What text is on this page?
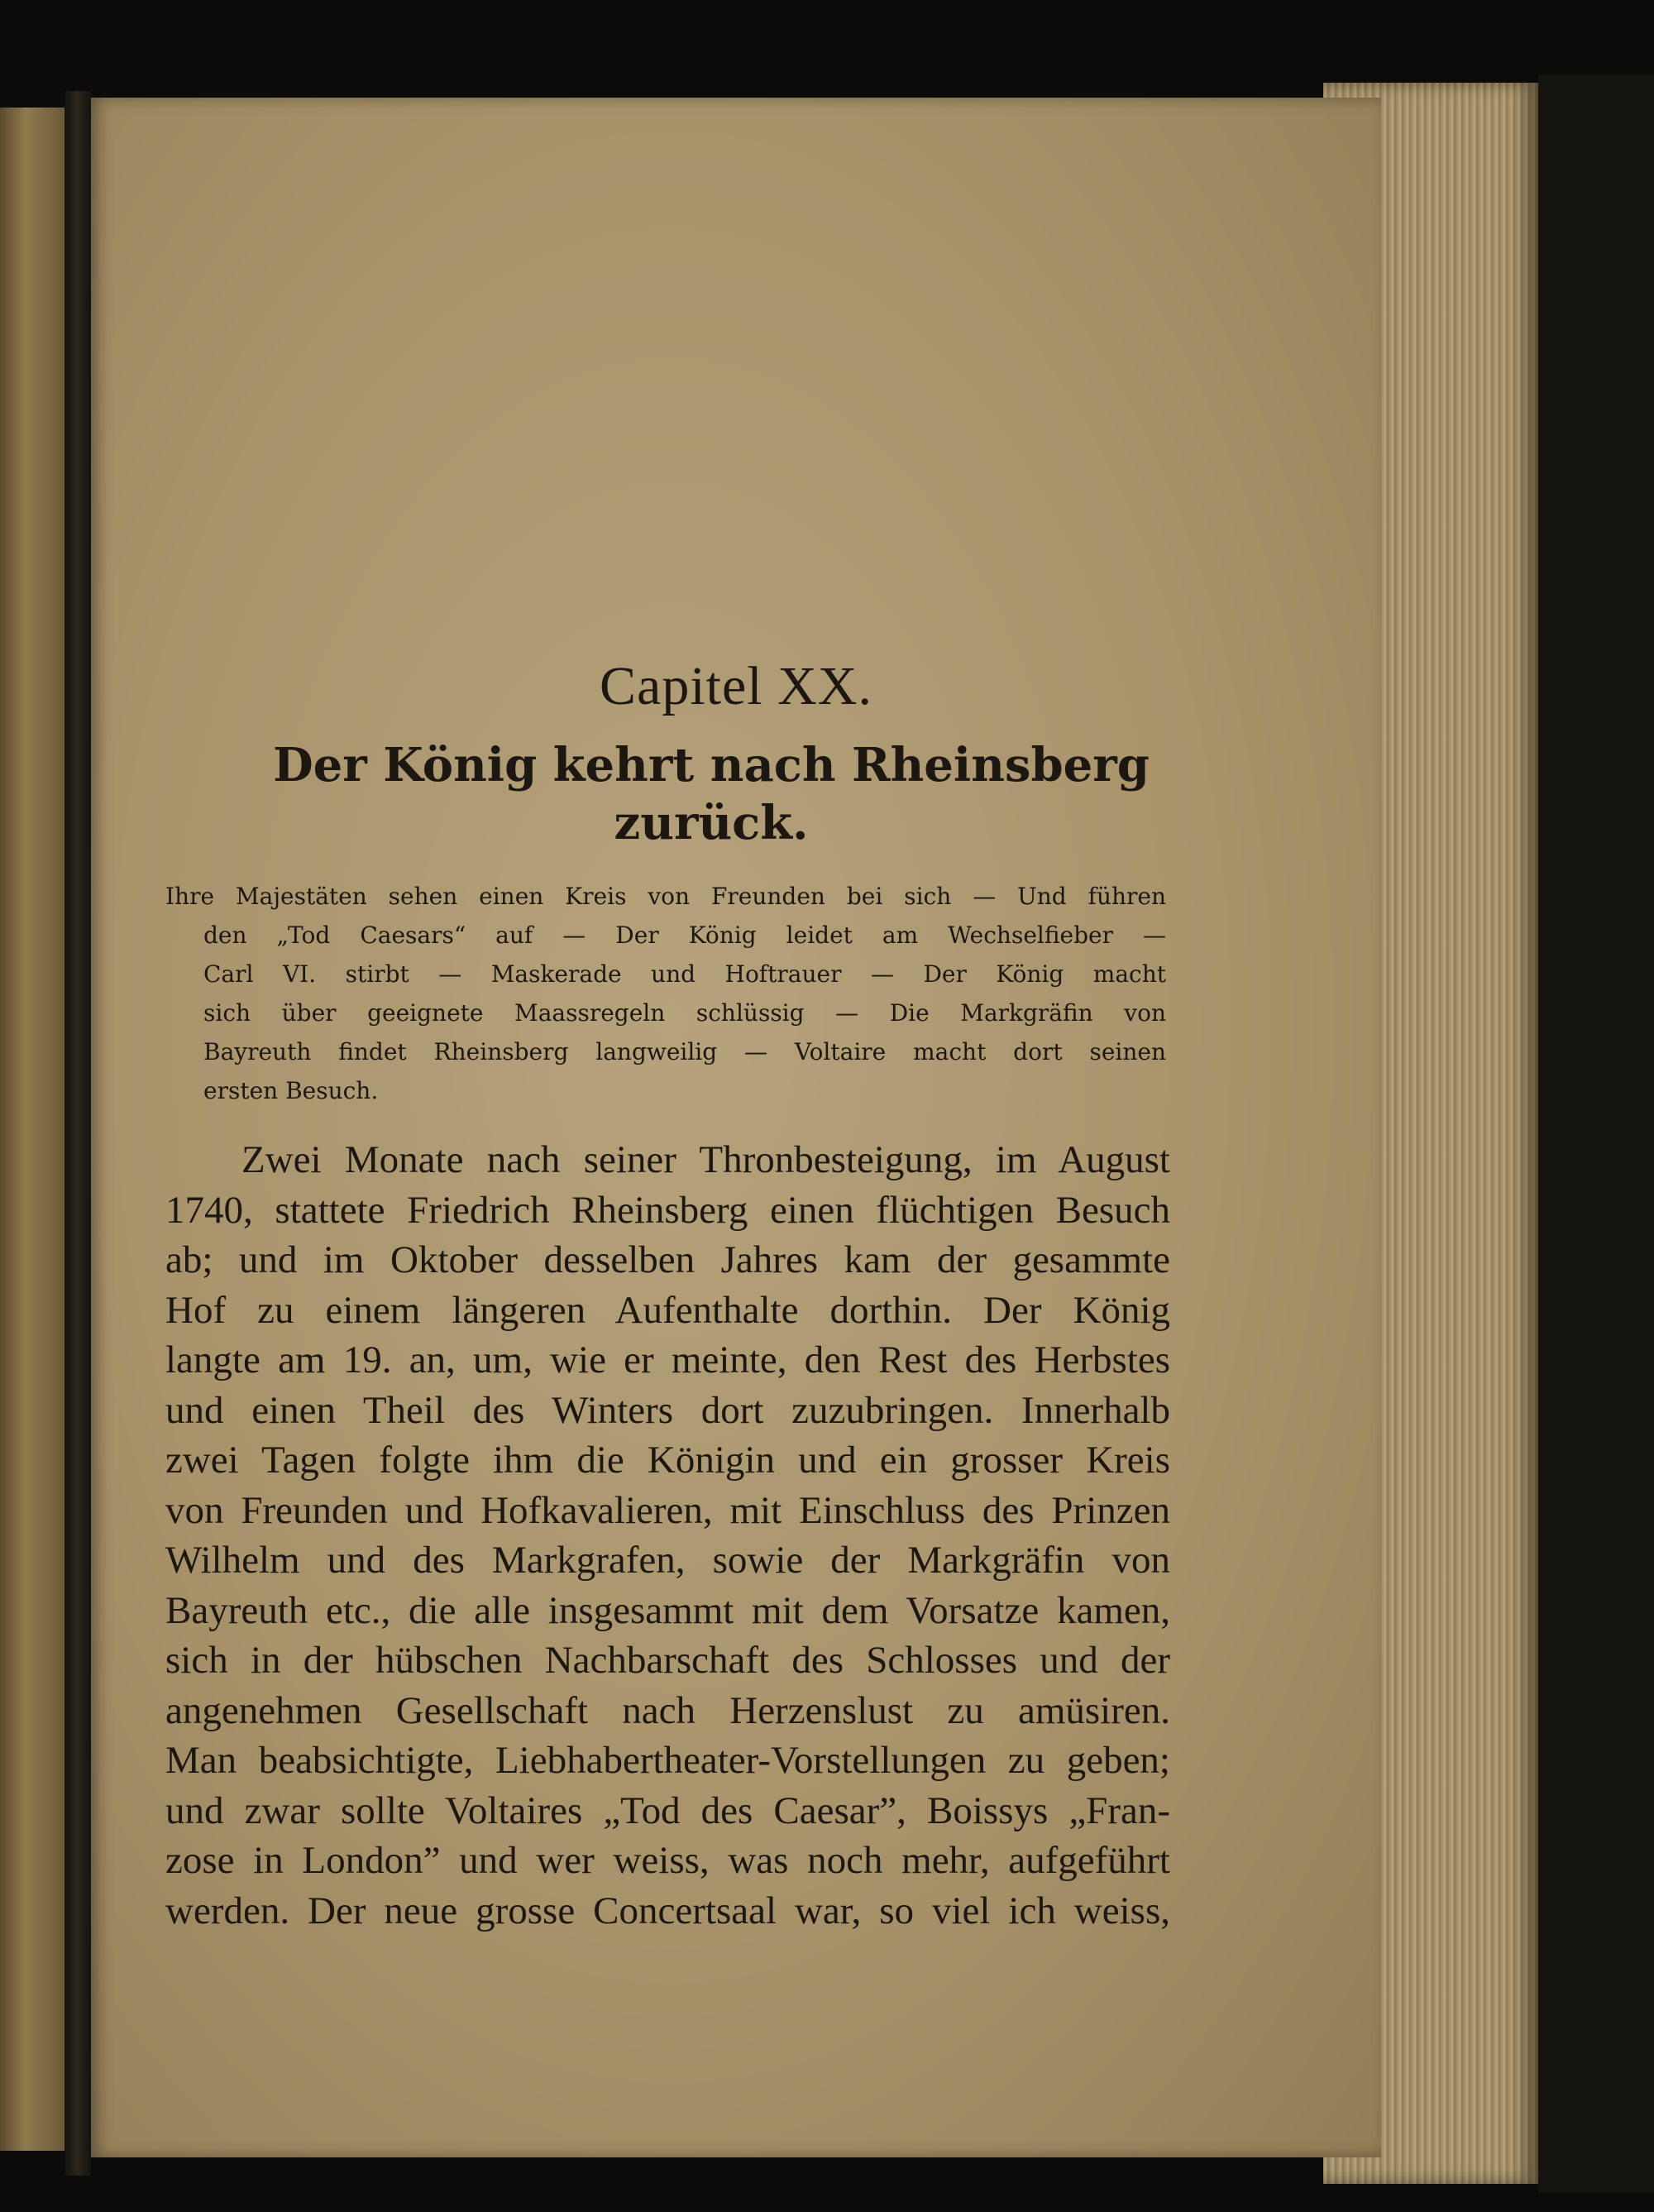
Capitel XX.
Der König kehrt nach Rheinsberg zurück.
Ihre Majestäten sehen einen Kreis von Freunden bei sich — Und führen
den „Tod Caesars“ auf — Der König leidet am Wechselfieber —
Carl VI. stirbt — Maskerade und Hoftrauer — Der König macht
sich über geeignete Maassregeln schlüssig — Die Markgräfin von
Bayreuth findet Rheinsberg langweilig — Voltaire macht dort seinen
ersten Besuch.
Zwei Monate nach seiner Thronbesteigung, im August
1740, stattete Friedrich Rheinsberg einen flüchtigen Besuch
ab; und im Oktober desselben Jahres kam der gesammte
Hof zu einem längeren Aufenthalte dorthin. Der König
langte am 19. an, um, wie er meinte, den Rest des Herbstes
und einen Theil des Winters dort zuzubringen. Innerhalb
zwei Tagen folgte ihm die Königin und ein grosser Kreis
von Freunden und Hofkavalieren, mit Einschluss des Prinzen
Wilhelm und des Markgrafen, sowie der Markgräfin von
Bayreuth etc., die alle insgesammt mit dem Vorsatze kamen,
sich in der hübschen Nachbarschaft des Schlosses und der
angenehmen Gesellschaft nach Herzenslust zu amüsiren.
Man beabsichtigte, Liebhabertheater-Vorstellungen zu geben;
und zwar sollte Voltaires „Tod des Caesar”, Boissys „Fran-
zose in London” und wer weiss, was noch mehr, aufgeführt
werden. Der neue grosse Concertsaal war, so viel ich weiss,
